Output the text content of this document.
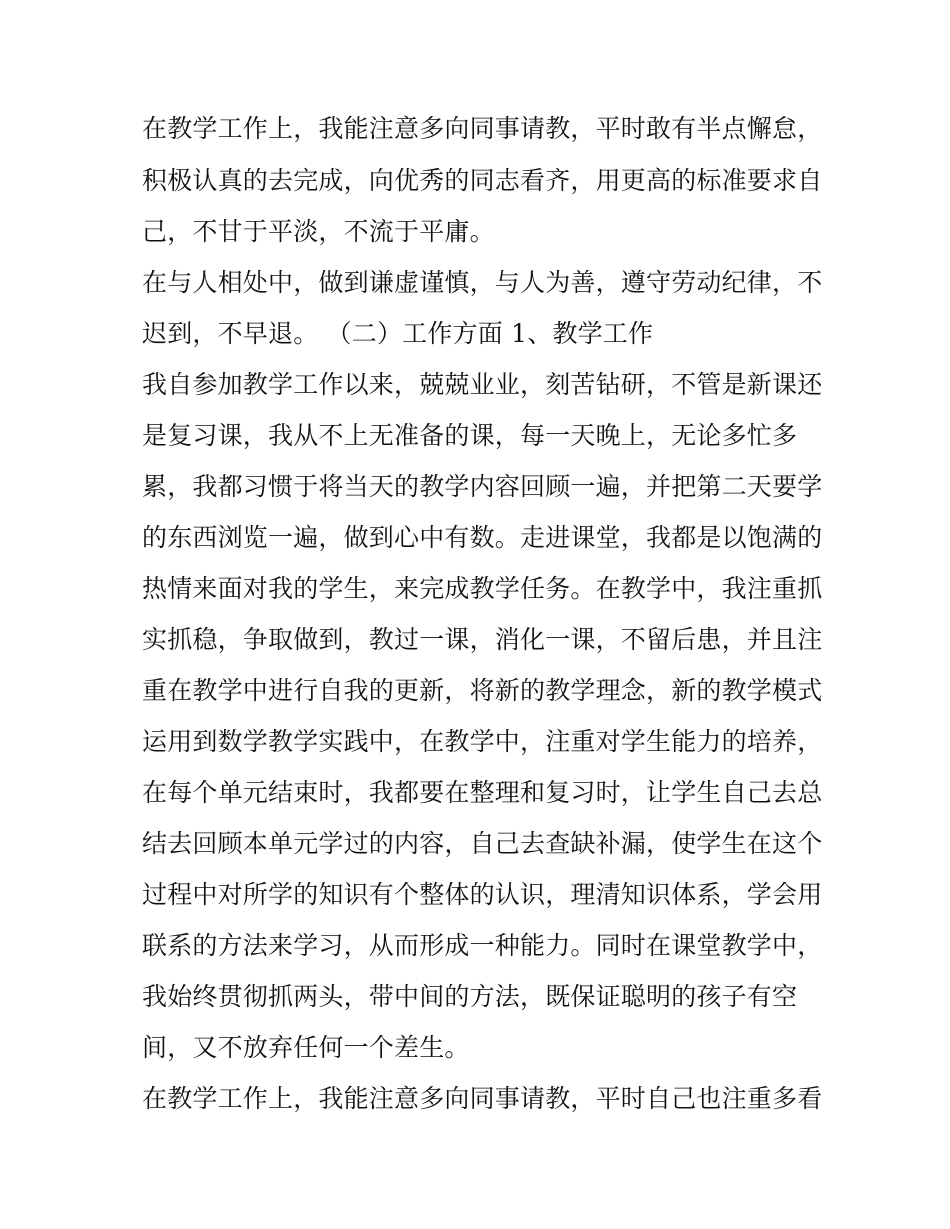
在教学工作上，我能注意多向同事请教，平时敢有半点懈怠，
积极认真的去完成，向优秀的同志看齐，用更高的标准要求自
己，不甘于平淡，不流于平庸。
在与人相处中，做到谦虚谨慎，与人为善，遵守劳动纪律，不
迟到，不早退。 （二）工作方面 1、教学工作
我自参加教学工作以来，兢兢业业，刻苦钻研，不管是新课还
是复习课，我从不上无准备的课，每一天晚上，无论多忙多
累，我都习惯于将当天的教学内容回顾一遍，并把第二天要学
的东西浏览一遍，做到心中有数。走进课堂，我都是以饱满的
热情来面对我的学生，来完成教学任务。在教学中，我注重抓
实抓稳，争取做到，教过一课，消化一课，不留后患，并且注
重在教学中进行自我的更新，将新的教学理念，新的教学模式
运用到数学教学实践中，在教学中，注重对学生能力的培养，
在每个单元结束时，我都要在整理和复习时，让学生自己去总
结去回顾本单元学过的内容，自己去查缺补漏，使学生在这个
过程中对所学的知识有个整体的认识，理清知识体系，学会用
联系的方法来学习，从而形成一种能力。同时在课堂教学中，
我始终贯彻抓两头，带中间的方法，既保证聪明的孩子有空
间，又不放弃任何一个差生。
在教学工作上，我能注意多向同事请教，平时自己也注重多看
